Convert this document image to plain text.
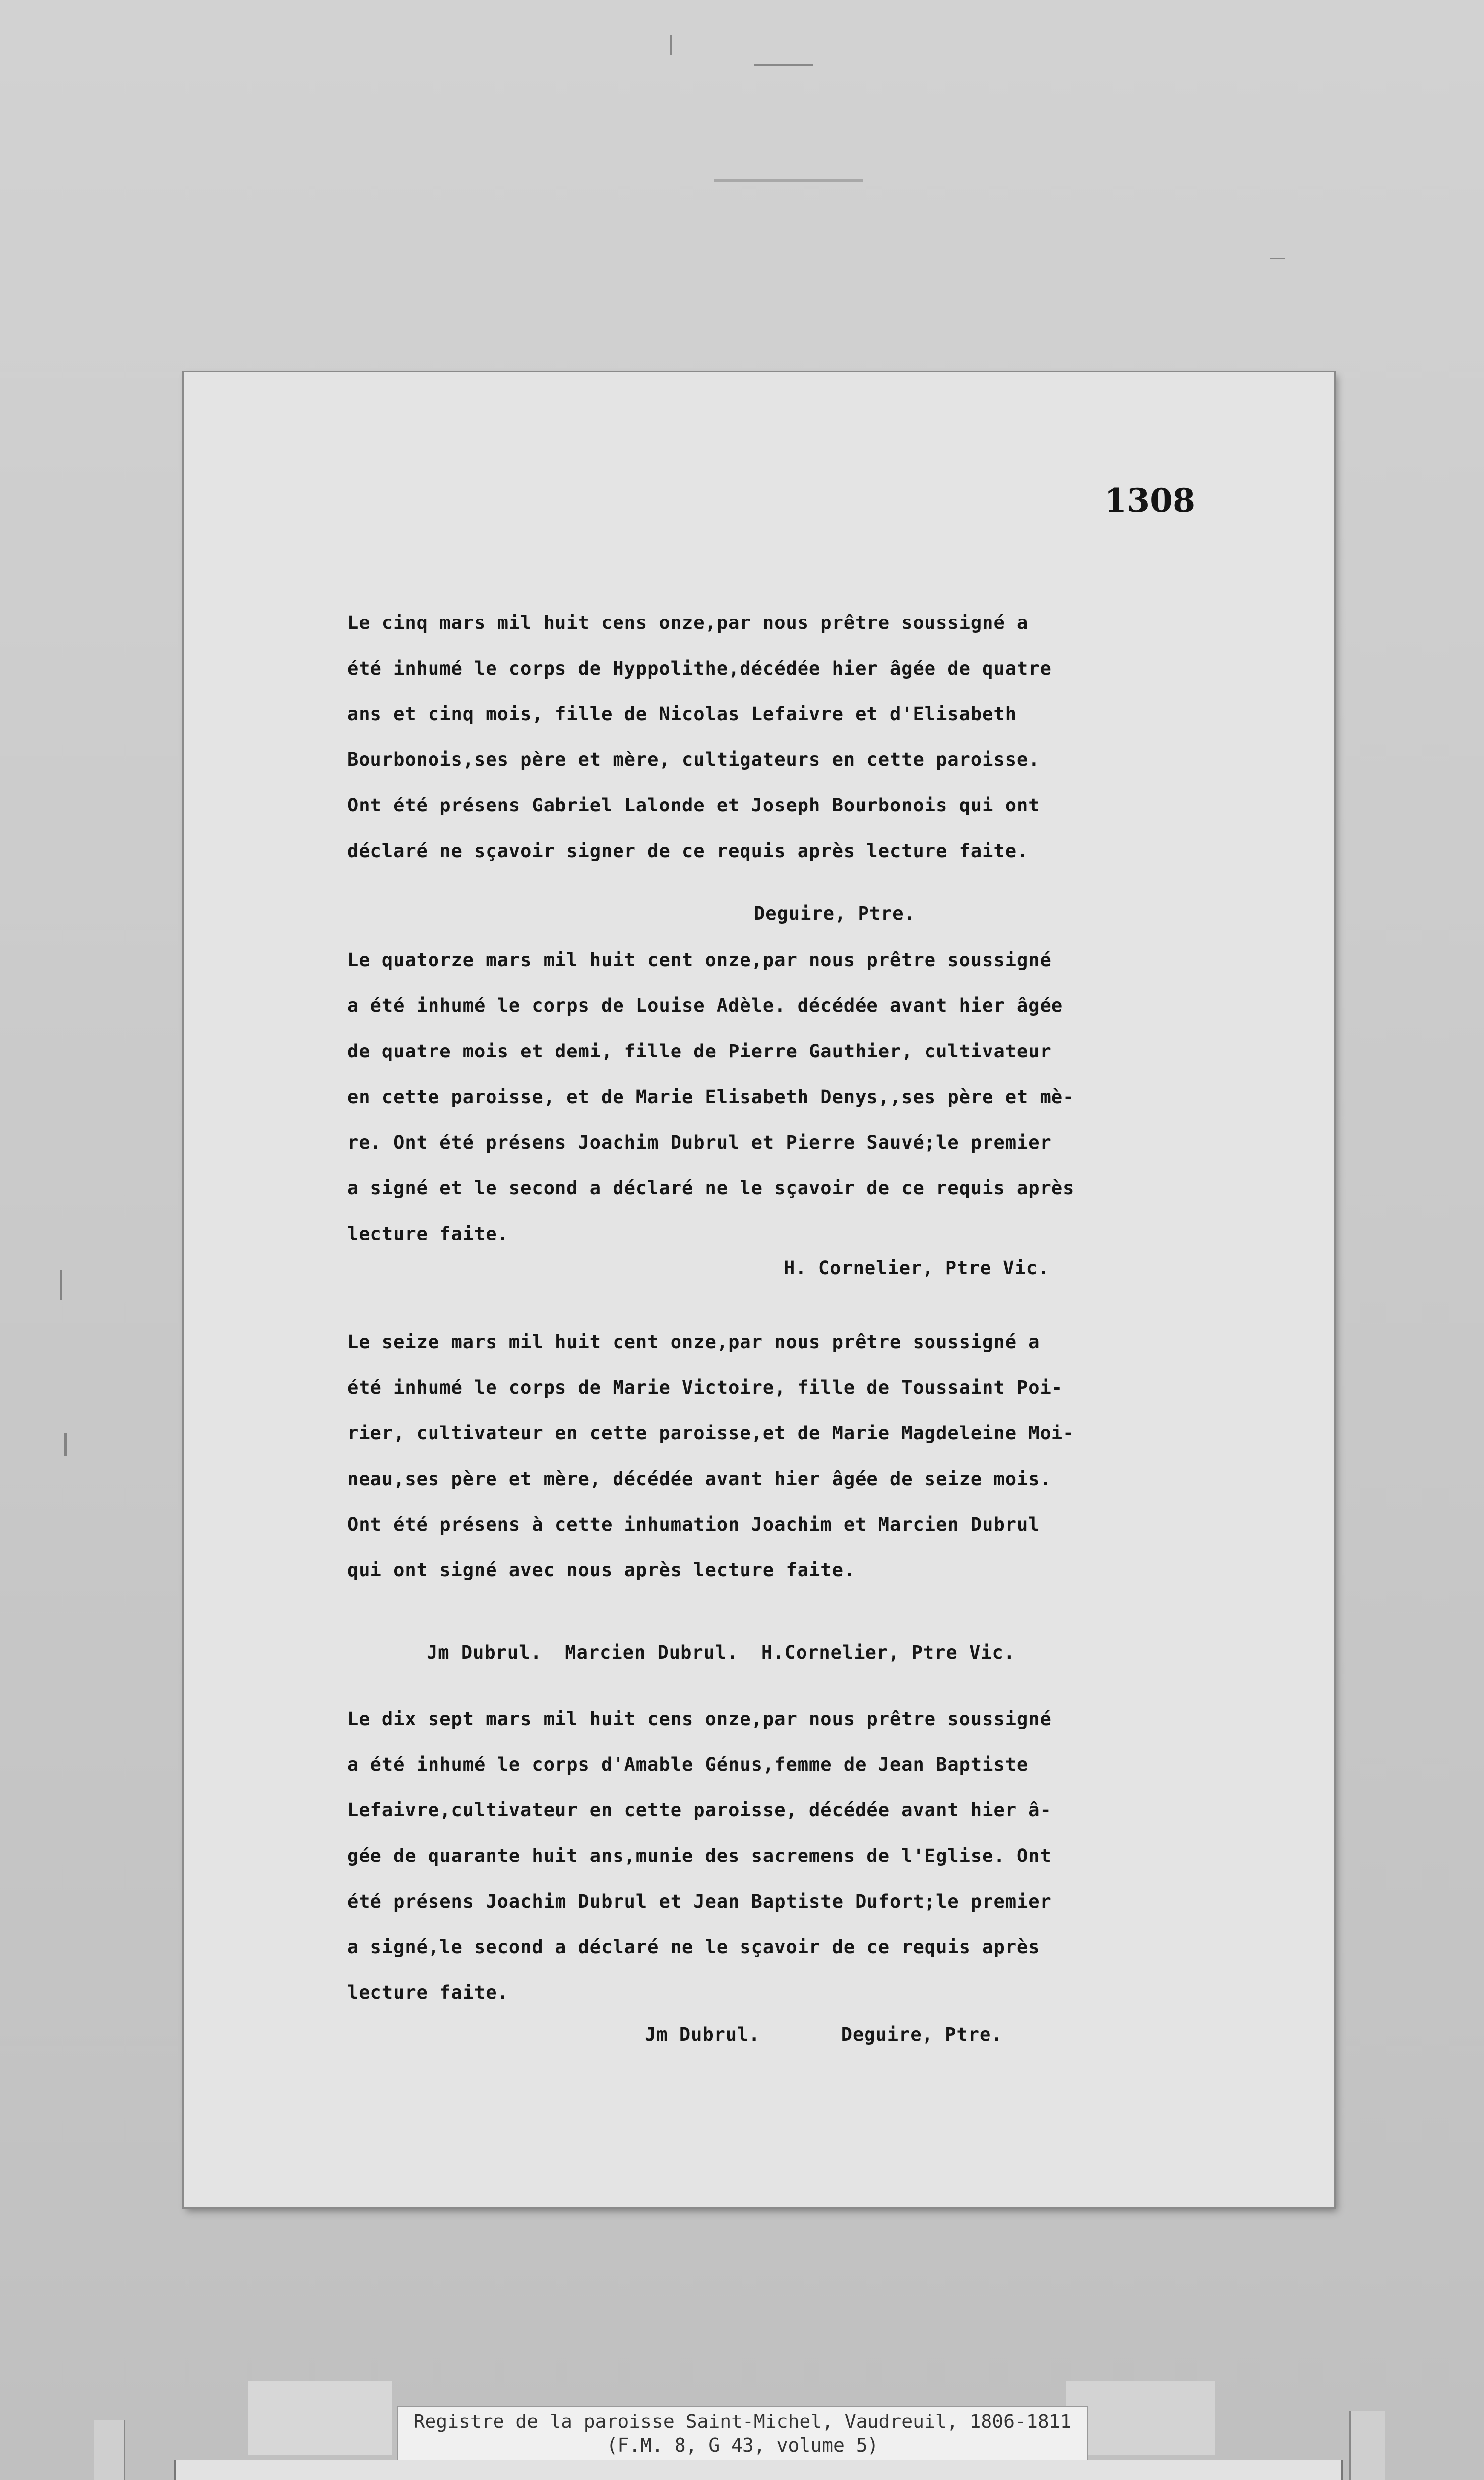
1308
Le cinq mars mil huit cens onze,par nous prêtre soussigné a
été inhumé le corps de Hyppolithe,décédée hier âgée de quatre
ans et cinq mois, fille de Nicolas Lefaivre et d'Elisabeth
Bourbonois,ses père et mère, cultigateurs en cette paroisse.
Ont été présens Gabriel Lalonde et Joseph Bourbonois qui ont
déclaré ne sçavoir signer de ce requis après lecture faite.
Deguire, Ptre.
Le quatorze mars mil huit cent onze,par nous prêtre soussigné
a été inhumé le corps de Louise Adèle. décédée avant hier âgée
de quatre mois et demi, fille de Pierre Gauthier, cultivateur
en cette paroisse, et de Marie Elisabeth Denys,,ses père et mè-
re. Ont été présens Joachim Dubrul et Pierre Sauvé;le premier
a signé et le second a déclaré ne le sçavoir de ce requis après
lecture faite.
H. Cornelier, Ptre Vic.
Le seize mars mil huit cent onze,par nous prêtre soussigné a
été inhumé le corps de Marie Victoire, fille de Toussaint Poi-
rier, cultivateur en cette paroisse,et de Marie Magdeleine Moi-
neau,ses père et mère, décédée avant hier âgée de seize mois.
Ont été présens à cette inhumation Joachim et Marcien Dubrul
qui ont signé avec nous après lecture faite.
Jm Dubrul.  Marcien Dubrul.  H.Cornelier, Ptre Vic.
Le dix sept mars mil huit cens onze,par nous prêtre soussigné
a été inhumé le corps d'Amable Génus,femme de Jean Baptiste
Lefaivre,cultivateur en cette paroisse, décédée avant hier â-
gée de quarante huit ans,munie des sacremens de l'Eglise. Ont
été présens Joachim Dubrul et Jean Baptiste Dufort;le premier
a signé,le second a déclaré ne le sçavoir de ce requis après
lecture faite.
Jm Dubrul.       Deguire, Ptre.
Registre de la paroisse Saint-Michel, Vaudreuil, 1806-1811
(F.M. 8, G 43, volume 5)
